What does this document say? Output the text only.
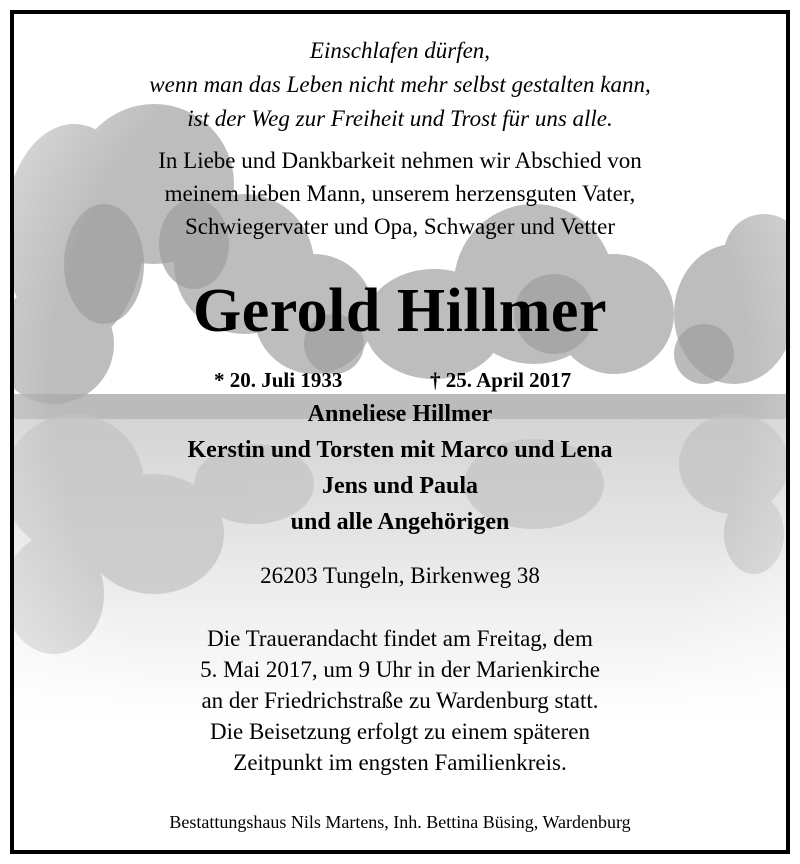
Einschlafen dürfen,
wenn man das Leben nicht mehr selbst gestalten kann,
ist der Weg zur Freiheit und Trost für uns alle.
In Liebe und Dankbarkeit nehmen wir Abschied von
meinem lieben Mann, unserem herzensguten Vater,
Schwiegervater und Opa, Schwager und Vetter
Gerold Hillmer
* 20. Juli 1933	† 25. April 2017
Anneliese Hillmer
Kerstin und Torsten mit Marco und Lena
Jens und Paula
und alle Angehörigen
26203 Tungeln, Birkenweg 38
Die Trauerandacht findet am Freitag, dem
5. Mai 2017, um 9 Uhr in der Marienkirche
an der Friedrichstraße zu Wardenburg statt.
Die Beisetzung erfolgt zu einem späteren
Zeitpunkt im engsten Familienkreis.
Bestattungshaus Nils Martens, Inh. Bettina Büsing, Wardenburg
